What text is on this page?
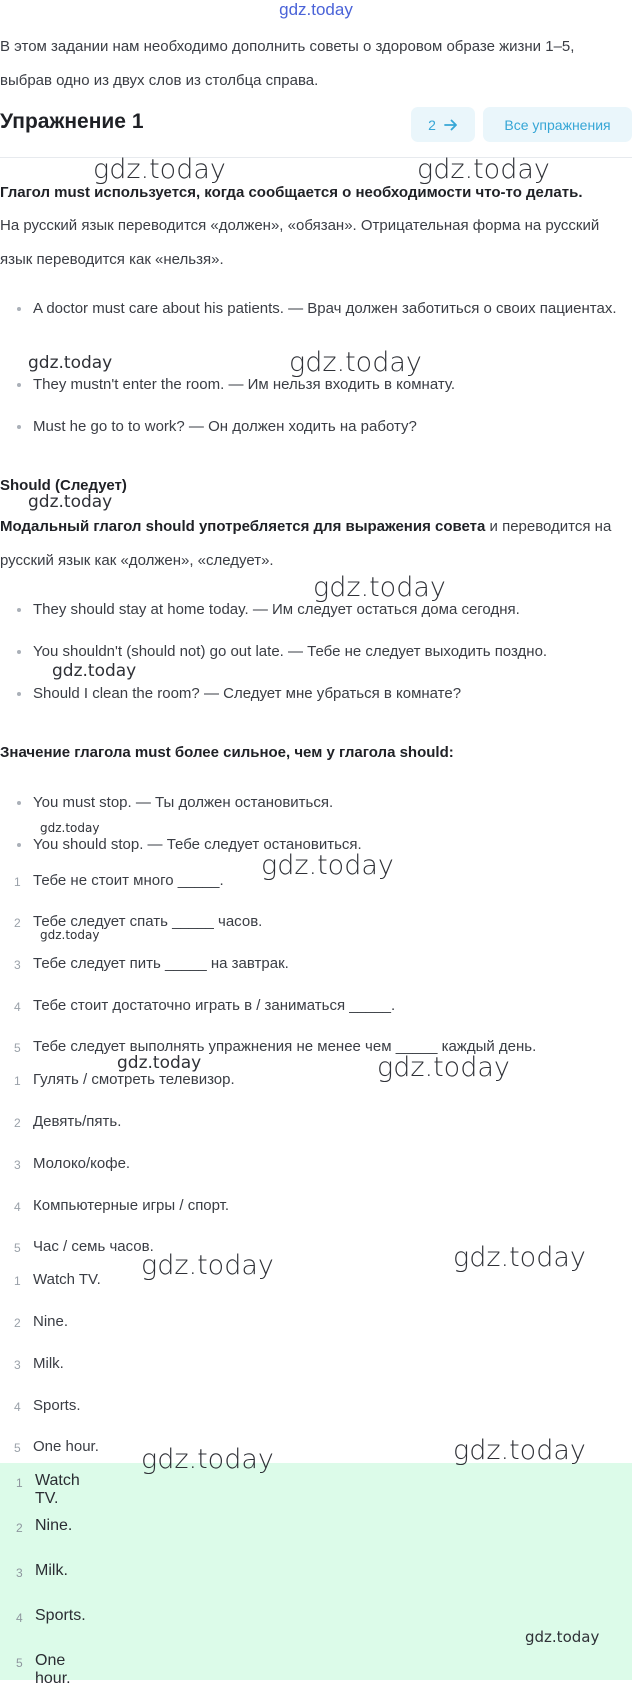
gdz.today
В этом задании нам необходимо дополнить советы о здоровом образе жизни 1–5, выбрав одно из двух слов из столбца справа.
Упражнение 1	2	Все упражнения
Глагол must используется, когда сообщается о необходимости что-то делать.
На русский язык переводится «должен», «обязан». Отрицательная форма на русский язык переводится как «нельзя».
A doctor must care about his patients. — Врач должен заботиться о своих пациентах.
They mustn't enter the room. — Им нельзя входить в комнату.
Must he go to to work? — Он должен ходить на работу?
Should (Следует)
Модальный глагол should употребляется для выражения совета и переводится на русский язык как «должен», «следует».
They should stay at home today. — Им следует остаться дома сегодня.
You shouldn't (should not) go out late. — Тебе не следует выходить поздно.
Should I clean the room? — Следует мне убраться в комнате?
Значение глагола must более сильное, чем у глагола should:
You must stop. — Ты должен остановиться.
You should stop. — Тебе следует остановиться.
1 Тебе не стоит много _____.
2 Тебе следует спать _____ часов.
3 Тебе следует пить _____ на завтрак.
4 Тебе стоит достаточно играть в / заниматься _____.
5 Тебе следует выполнять упражнения не менее чем _____ каждый день.
1 Гулять / смотреть телевизор.
2 Девять/пять.
3 Молоко/кофе.
4 Компьютерные игры / спорт.
5 Час / семь часов.
1 Watch TV.
2 Nine.
3 Milk.
4 Sports.
5 One hour.
1 Watch TV.
2 Nine.
3 Milk.
4 Sports.
5 One hour.
gdz.today	gdz.today
gdz.today	gdz.today
gdz.today
gdz.today
gdz.today
gdz.today
gdz.today
gdz.today
gdz.today	gdz.today
gdz.today	gdz.today
gdz.today	gdz.today
gdz.today
